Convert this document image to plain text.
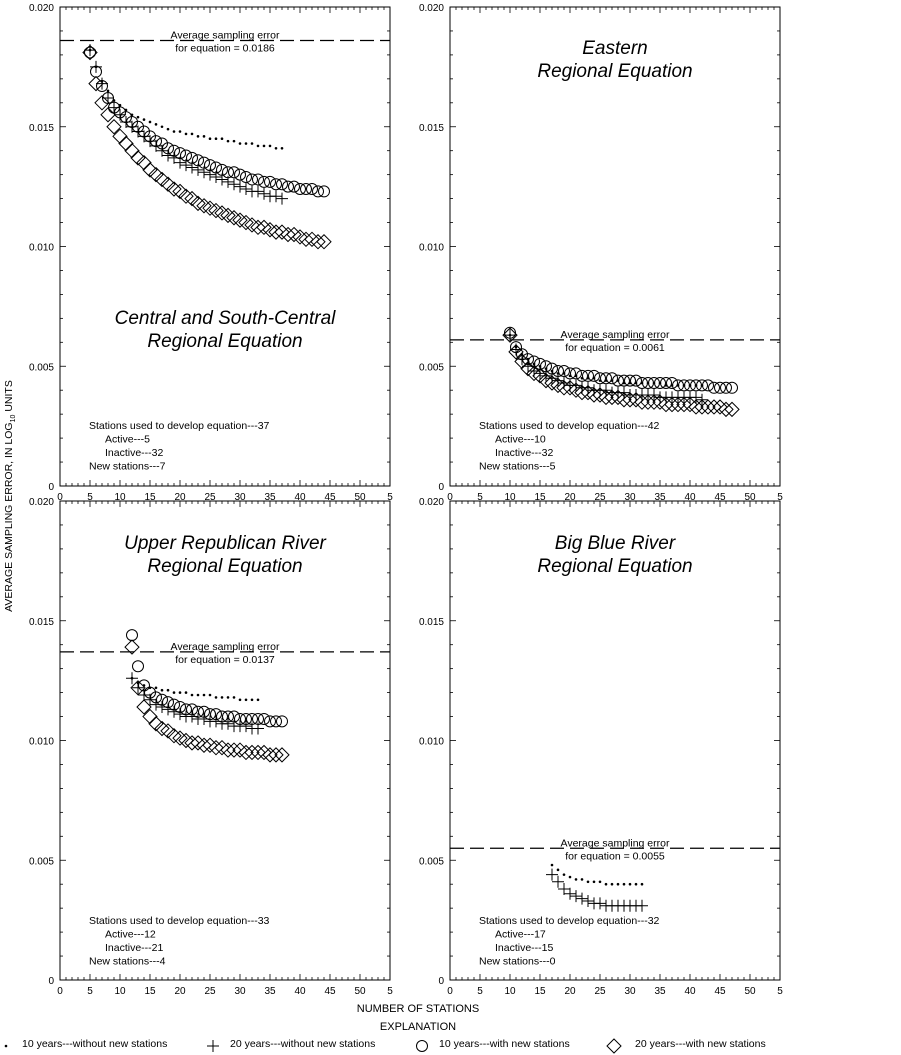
AVERAGE SAMPLING ERROR, IN $LOG_{10}$ UNITS
0 5 10 15 20 25 30 35 40 45 50 5
0
0.005
0.010
0.015
0.020
Average sampling error for equation = 0.0186
Central and South-Central Regional Equation
Stations used to develop equation---37
Active---5
Inactive---32
New stations---7
0 5 10 15 20 25 30 35 40 45 50 5
0
0.005
0.010
0.015
0.020
Average sampling error for equation = 0.0061
Eastern Regional Equation
Stations used to develop equation---42
Active---10
Inactive---32
New stations---5
0 5 10 15 20 25 30 35 40 45 50 5
0
0.005
0.010
0.015
0.020
Average sampling error for equation = 0.0137
Upper Republican River Regional Equation
Stations used to develop equation---33
Active---12
Inactive---21
New stations---4
0 5 10 15 20 25 30 35 40 45 50 5
0
0.005
0.010
0.015
0.020
Average sampling error for equation = 0.0055
Big Blue River Regional Equation
Stations used to develop equation---32
Active---17
Inactive---15
New stations---0
NUMBER OF STATIONS
EXPLANATION
10 years---without new stations	20 years---without new stations	10 years---with new stations	20 years---with new stations
